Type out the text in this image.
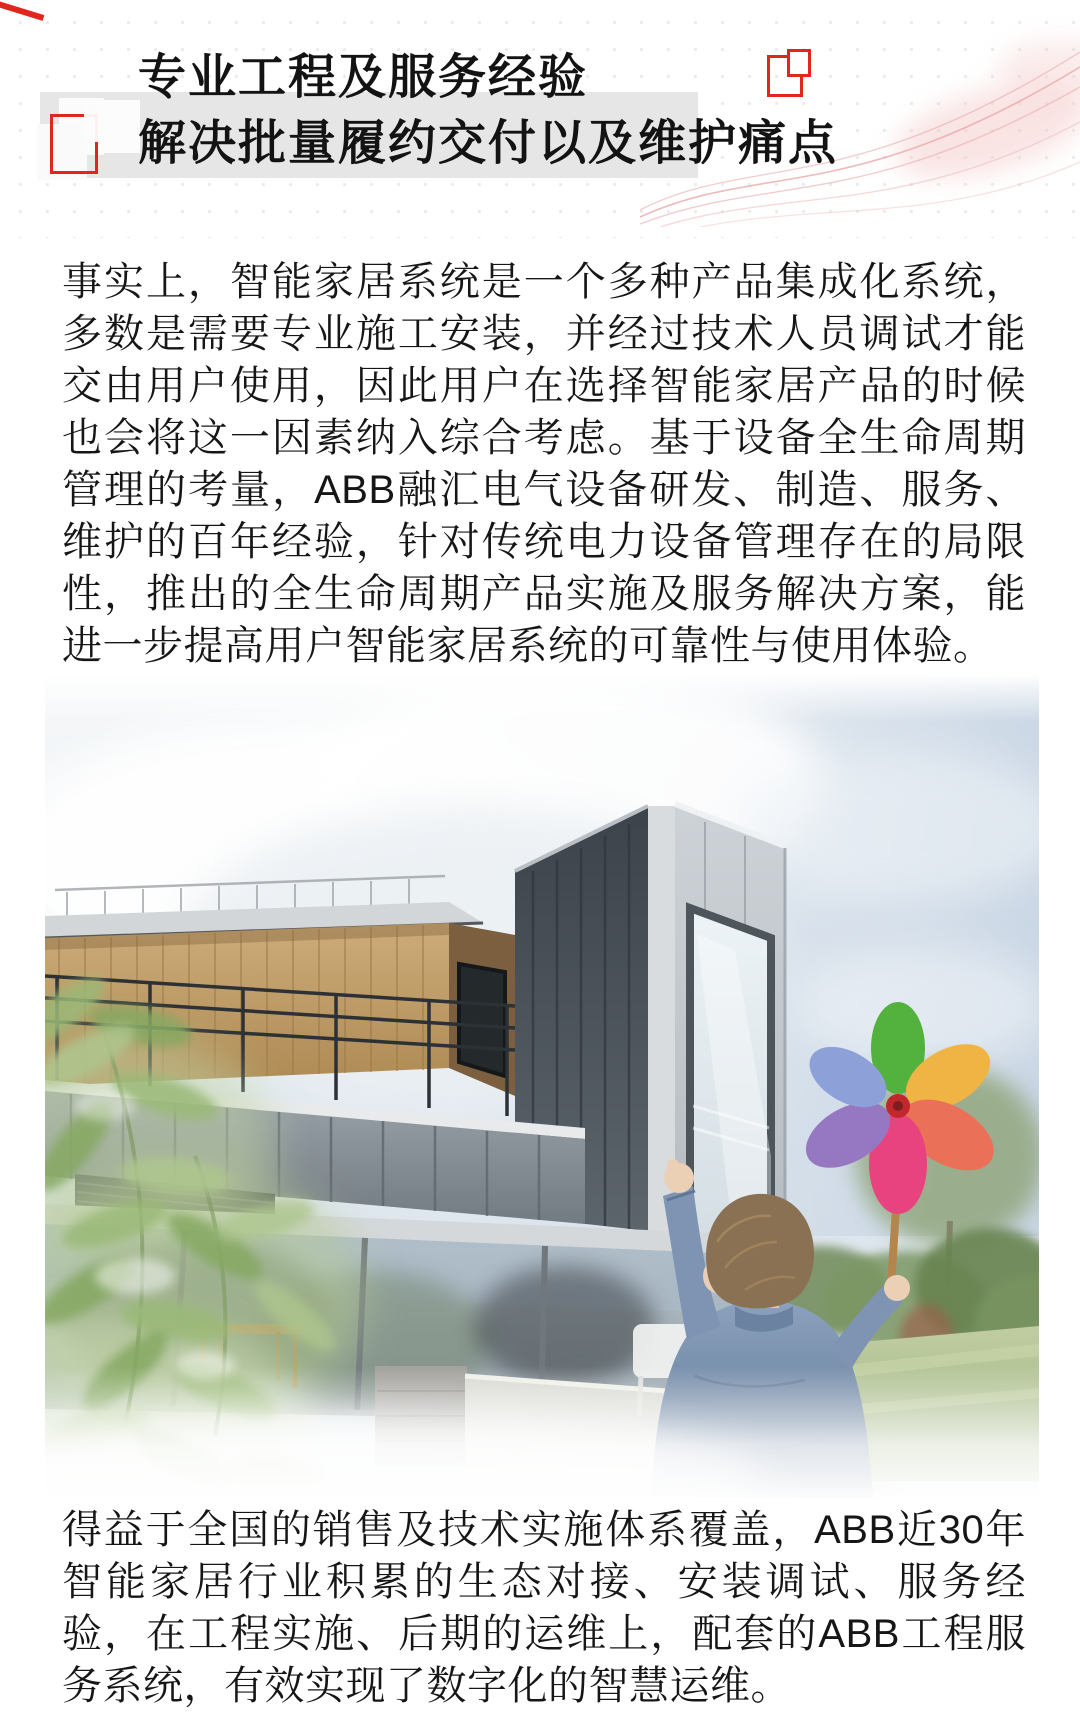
专业工程及服务经验
解决批量履约交付以及维护痛点

事实上，智能家居系统是一个多种产品集成化系统，多数是需要专业施工安装，并经过技术人员调试才能交由用户使用，因此用户在选择智能家居产品的时候也会将这一因素纳入综合考虑。基于设备全生命周期管理的考量，ABB融汇电气设备研发、制造、服务、维护的百年经验，针对传统电力设备管理存在的局限性，推出的全生命周期产品实施及服务解决方案，能进一步提高用户智能家居系统的可靠性与使用体验。

得益于全国的销售及技术实施体系覆盖，ABB近30年智能家居行业积累的生态对接、安装调试、服务经验，在工程实施、后期的运维上，配套的ABB工程服务系统，有效实现了数字化的智慧运维。
